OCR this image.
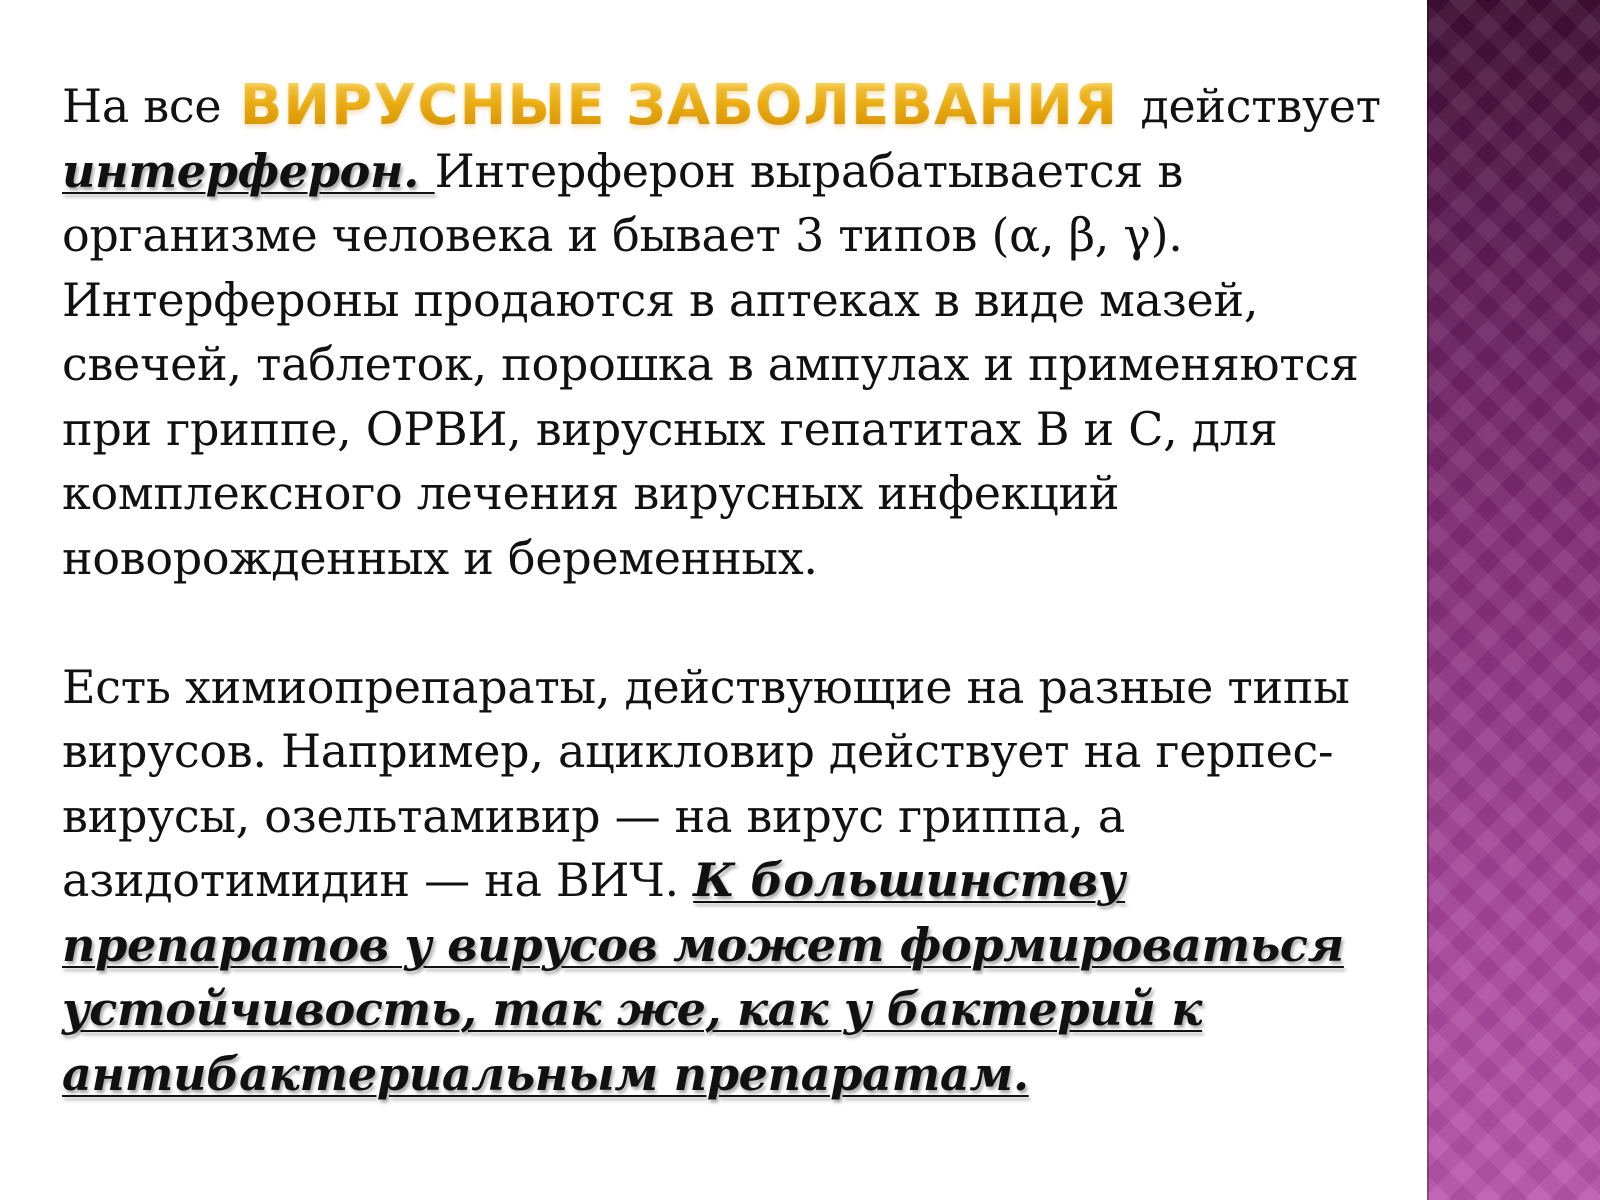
На все ВИРУСНЫЕ ЗАБОЛЕВАНИЯ действует интерферон. Интерферон вырабатывается в организме человека и бывает 3 типов (α, β, γ). Интерфероны продаются в аптеках в виде мазей, свечей, таблеток, порошка в ампулах и применяются при гриппе, ОРВИ, вирусных гепатитах В и С, для комплексного лечения вирусных инфекций новорожденных и беременных.

Есть химиопрепараты, действующие на разные типы вирусов. Например, ацикловир действует на герпес-вирусы, озельтамивир — на вирус гриппа, а азидотимидин — на ВИЧ. К большинству препаратов у вирусов может формироваться устойчивость, так же, как у бактерий к антибактериальным препаратам.
